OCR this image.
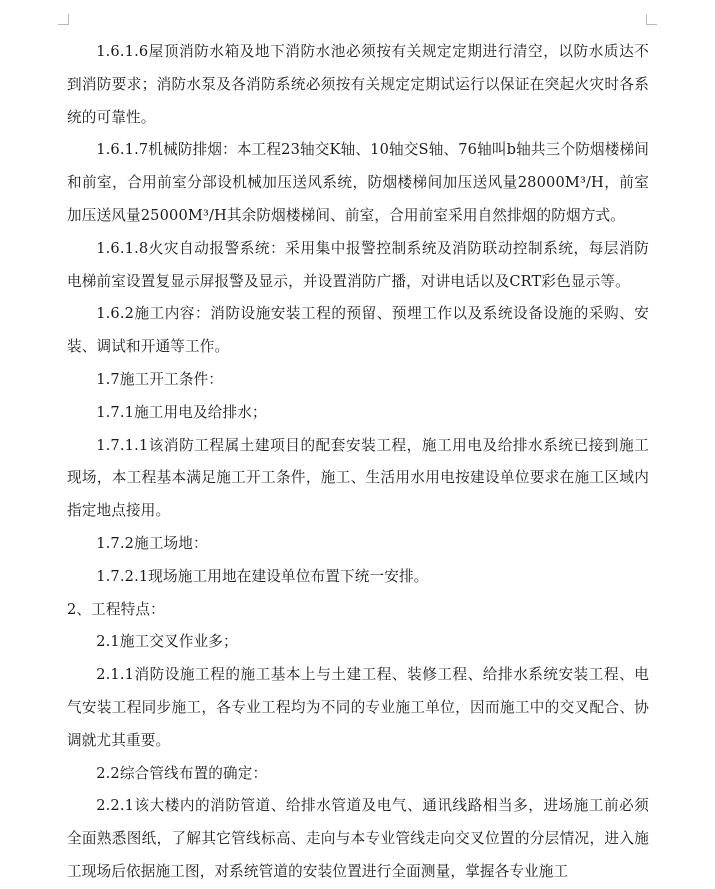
1.6.1.6屋顶消防水箱及地下消防水池必须按有关规定定期进行清空，以防水质达不到消防要求；消防水泵及各消防系统必须按有关规定定期试运行以保证在突起火灾时各系统的可靠性。

1.6.1.7机械防排烟：本工程23轴交K轴、10轴交S轴、76轴叫b轴共三个防烟楼梯间和前室，合用前室分部设机械加压送风系统，防烟楼梯间加压送风量28000M³/H，前室加压送风量25000M³/H其余防烟楼梯间、前室，合用前室采用自然排烟的防烟方式。

1.6.1.8火灾自动报警系统：采用集中报警控制系统及消防联动控制系统，每层消防电梯前室设置复显示屏报警及显示，并设置消防广播，对讲电话以及CRT彩色显示等。

1.6.2施工内容：消防设施安装工程的预留、预埋工作以及系统设备设施的采购、安装、调试和开通等工作。

1.7施工开工条件：

1.7.1施工用电及给排水；

1.7.1.1该消防工程属土建项目的配套安装工程，施工用电及给排水系统已接到施工现场，本工程基本满足施工开工条件，施工、生活用水用电按建设单位要求在施工区域内指定地点接用。

1.7.2施工场地：

1.7.2.1现场施工用地在建设单位布置下统一安排。

2、工程特点：

2.1施工交叉作业多；

2.1.1消防设施工程的施工基本上与土建工程、装修工程、给排水系统安装工程、电气安装工程同步施工，各专业工程均为不同的专业施工单位，因而施工中的交叉配合、协调就尤其重要。

2.2综合管线布置的确定：

2.2.1该大楼内的消防管道、给排水管道及电气、通讯线路相当多，进场施工前必须全面熟悉图纸，了解其它管线标高、走向与本专业管线走向交叉位置的分层情况，进入施工现场后依据施工图，对系统管道的安装位置进行全面测量，掌握各专业施工
